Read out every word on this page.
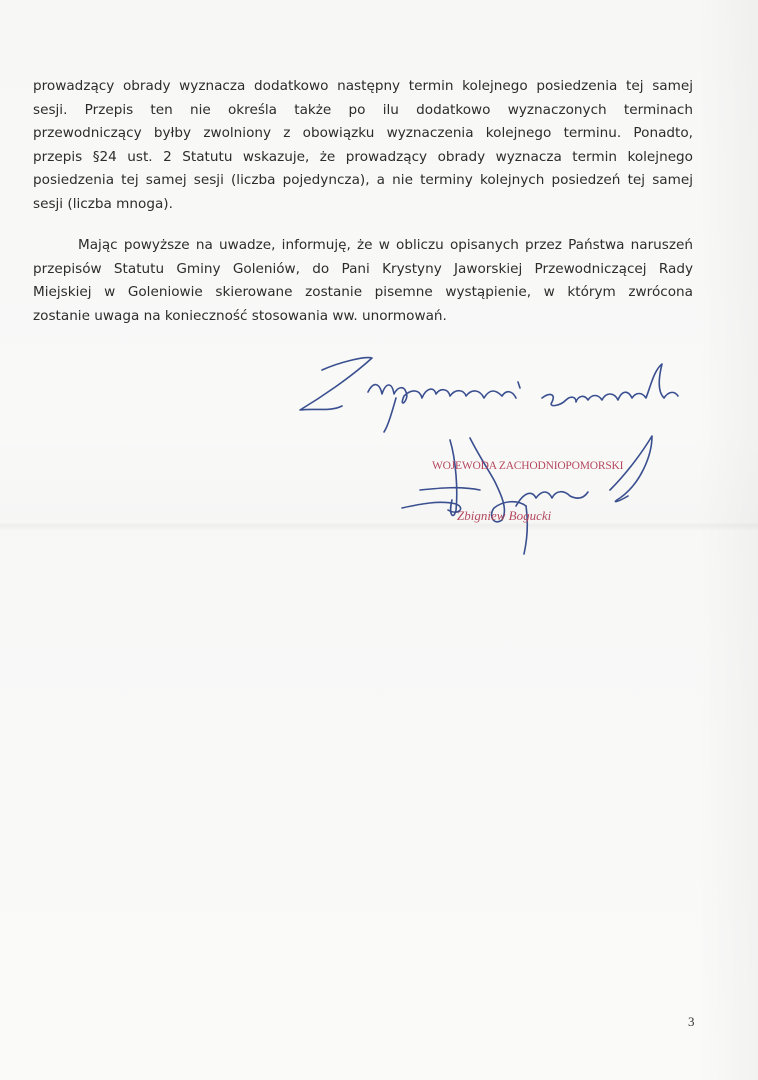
prowadzący obrady wyznacza dodatkowo następny termin kolejnego posiedzenia tej samej
sesji. Przepis ten nie określa także po ilu dodatkowo wyznaczonych terminach
przewodniczący byłby zwolniony z obowiązku wyznaczenia kolejnego terminu. Ponadto,
przepis §24 ust. 2 Statutu wskazuje, że prowadzący obrady wyznacza termin kolejnego
posiedzenia tej samej sesji (liczba pojedyncza), a nie terminy kolejnych posiedzeń tej samej
sesji (liczba mnoga).
Mając powyższe na uwadze, informuję, że w obliczu opisanych przez Państwa naruszeń
przepisów Statutu Gminy Goleniów, do Pani Krystyny Jaworskiej Przewodniczącej Rady
Miejskiej w Goleniowie skierowane zostanie pisemne wystąpienie, w którym zwrócona
zostanie uwaga na konieczność stosowania ww. unormowań.
WOJEWODA ZACHODNIOPOMORSKI
Zbigniew Bogucki
3
